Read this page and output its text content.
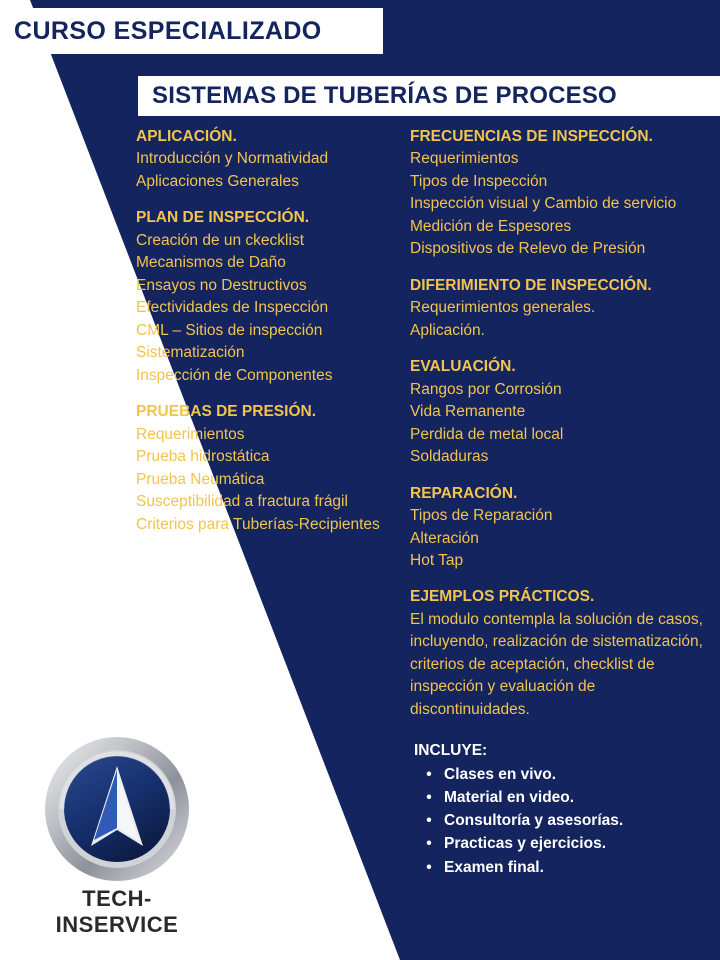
CURSO ESPECIALIZADO
SISTEMAS DE TUBERÍAS DE PROCESO
APLICACIÓN.
Introducción y Normatividad
Aplicaciones Generales
PLAN DE INSPECCIÓN.
Creación de un ckecklist
Mecanismos de Daño
Ensayos no Destructivos
Efectividades de Inspección
CML – Sitios de inspección
Sistematización
Inspección de Componentes
PRUEBAS DE PRESIÓN.
Requerimientos
Prueba hidrostática
Prueba Neumática
Susceptibilidad a fractura frágil
Criterios para Tuberías-Recipientes
FRECUENCIAS DE INSPECCIÓN.
Requerimientos
Tipos de Inspección
Inspección visual y Cambio de servicio
Medición de Espesores
Dispositivos de Relevo de Presión
DIFERIMIENTO DE INSPECCIÓN.
Requerimientos generales.
Aplicación.
EVALUACIÓN.
Rangos por Corrosión
Vida Remanente
Perdida de metal local
Soldaduras
REPARACIÓN.
Tipos de Reparación
Alteración
Hot Tap
EJEMPLOS PRÁCTICOS.
El modulo contempla la solución de casos, incluyendo, realización de sistematización, criterios de aceptación, checklist de inspección y evaluación de discontinuidades.
INCLUYE:
• Clases en vivo.
• Material en video.
• Consultoría y asesorías.
• Practicas y ejercicios.
• Examen final.
TECH-INSERVICE
